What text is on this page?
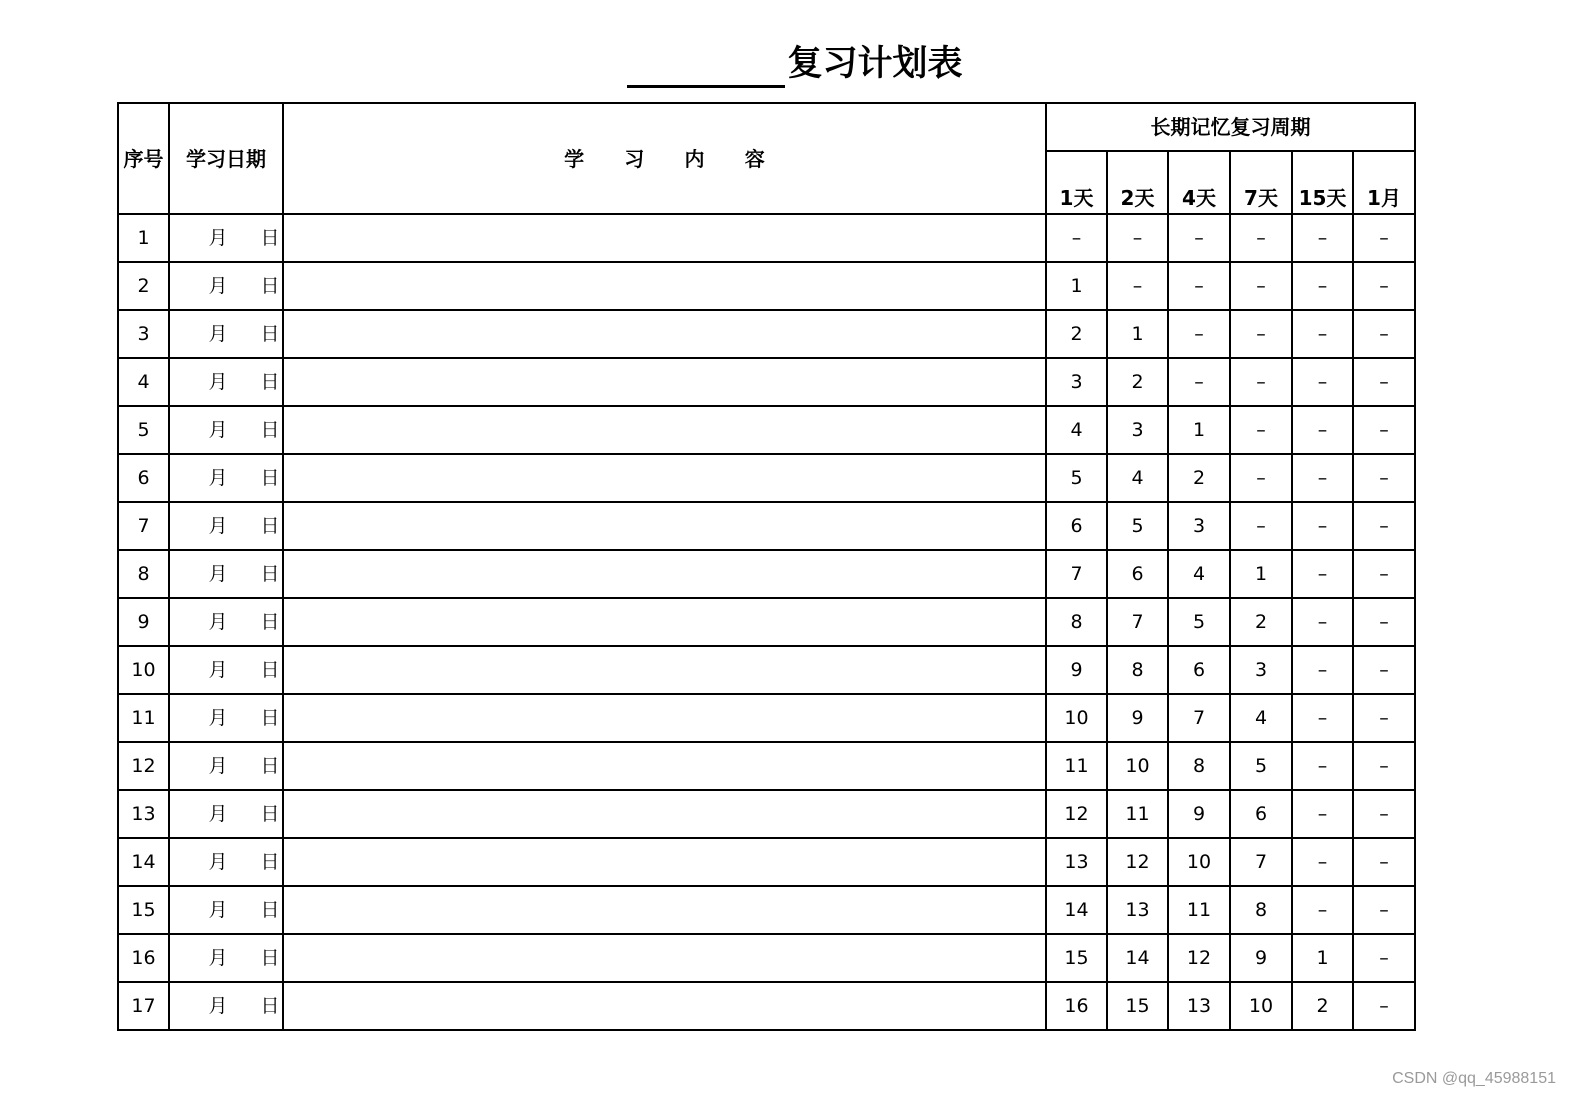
复习计划表
序号	学习日期	学 习 内 容	长期记忆复习周期					
			1天	2天	4天	7天	15天	1月
1	月 日		–	–	–	–	–	–
2	月 日		1	–	–	–	–	–
3	月 日		2	1	–	–	–	–
4	月 日		3	2	–	–	–	–
5	月 日		4	3	1	–	–	–
6	月 日		5	4	2	–	–	–
7	月 日		6	5	3	–	–	–
8	月 日		7	6	4	1	–	–
9	月 日		8	7	5	2	–	–
10	月 日		9	8	6	3	–	–
11	月 日		10	9	7	4	–	–
12	月 日		11	10	8	5	–	–
13	月 日		12	11	9	6	–	–
14	月 日		13	12	10	7	–	–
15	月 日		14	13	11	8	–	–
16	月 日		15	14	12	9	1	–
17	月 日		16	15	13	10	2	–
CSDN @qq_45988151
